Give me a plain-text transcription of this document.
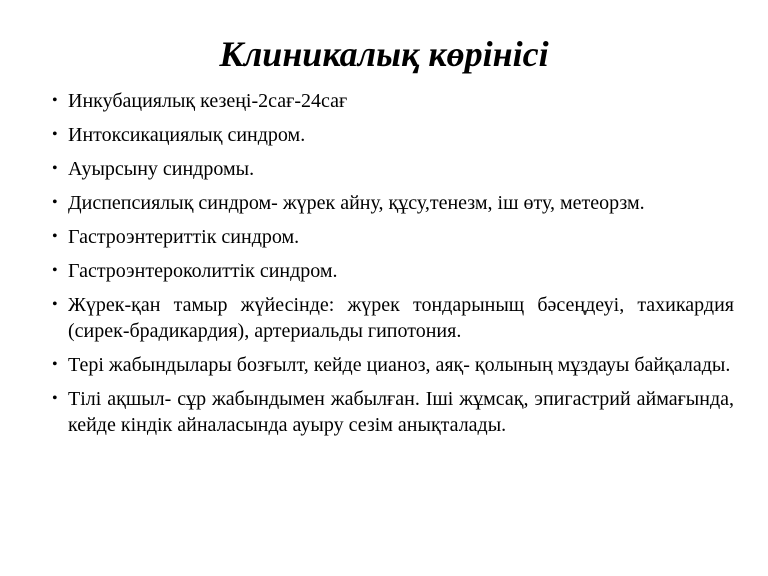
Клиникалық көрінісі
• Инкубациялық кезеңі-2сағ-24сағ
• Интоксикациялық синдром.
• Ауырсыну синдромы.
• Диспепсиялық синдром- жүрек айну, құсу,тенезм, іш өту, метеорзм.
• Гастроэнтериттік синдром.
• Гастроэнтероколиттік синдром.
• Жүрек-қан тамыр жүйесінде: жүрек тондарыныщ бәсеңдеуі, тахикардия (сирек-брадикардия), артериальды гипотония.
• Тері жабындылары бозғылт, кейде цианоз, аяқ- қолының мұздауы байқалады.
• Тілі ақшыл- сұр жабындымен жабылған. Іші жұмсақ, эпигастрий аймағында, кейде кіндік айналасында ауыру сезім анықталады.
